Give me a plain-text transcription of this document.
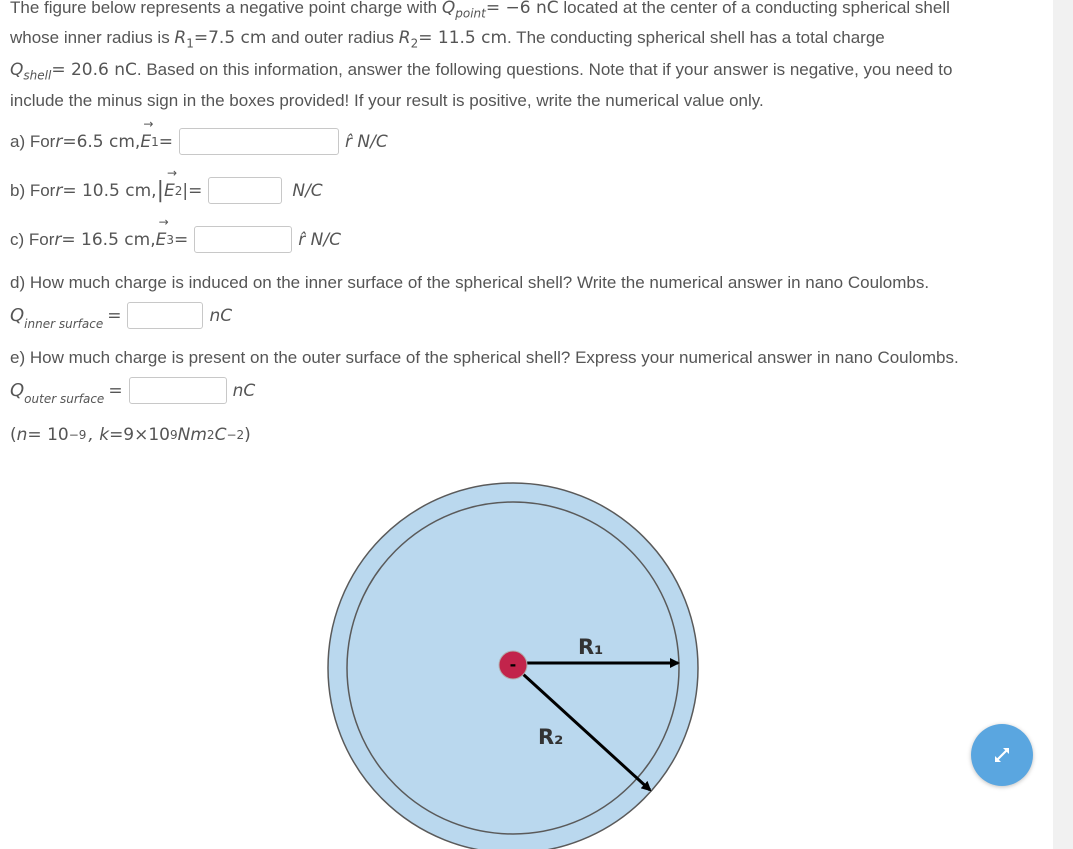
The figure below represents a negative point charge with $Q_{point}= -6$ nC located at the center of a conducting spherical shell
whose inner radius is $R_1=7.5$ cm and outer radius $R_2= 11.5$ cm. The conducting spherical shell has a total charge
$Q_{shell}= 20.6$ nC. Based on this information, answer the following questions. Note that if your answer is negative, you need to
include the minus sign in the boxes provided! If your result is positive, write the numerical value only.
a) For r =6.5 cm,
→
E 1 =	r̂ N/C
b) For r = 10.5 cm, |
→
E 2 |=	N/C
c) For r = 16.5 cm,
→
E 3 =	r̂ N/C
d) How much charge is induced on the inner surface of the spherical shell? Write the numerical answer in nano Coulombs.
$Q_{inner surface}$ =	nC
e) How much charge is present on the outer surface of the spherical shell? Express your numerical answer in nano Coulombs.
$Q_{outer surface}$ =	nC
( n = 10 −9 , k =9×10 9 Nm 2 C −2 )
-
R₁
R₂
